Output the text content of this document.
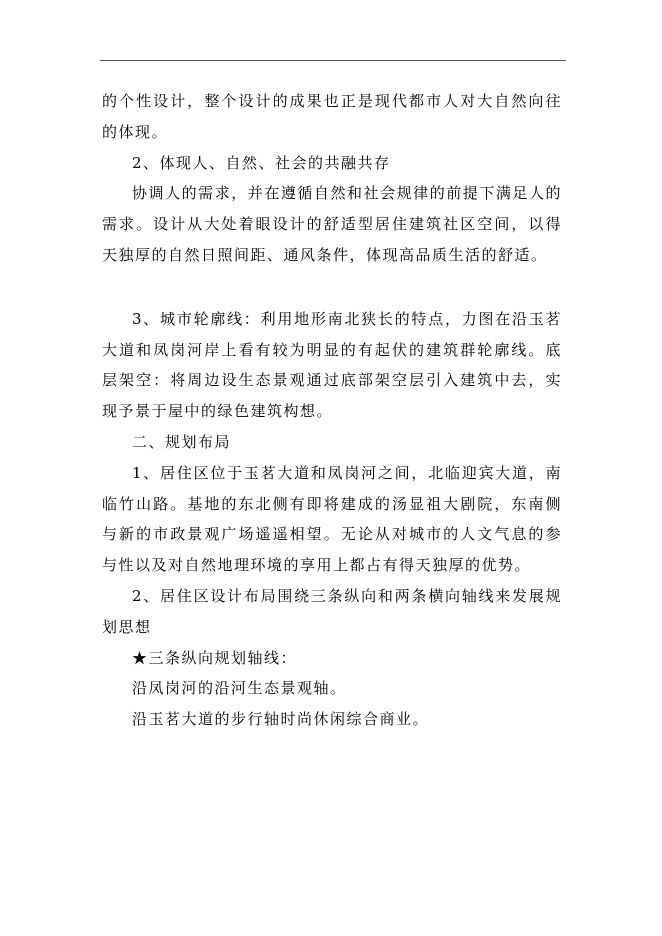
的个性设计，整个设计的成果也正是现代都市人对大自然向往的体现。

2、体现人、自然、社会的共融共存

协调人的需求，并在遵循自然和社会规律的前提下满足人的需求。设计从大处着眼设计的舒适型居住建筑社区空间，以得天独厚的自然日照间距、通风条件，体现高品质生活的舒适。

3、城市轮廓线：利用地形南北狭长的特点，力图在沿玉茗大道和凤岗河岸上看有较为明显的有起伏的建筑群轮廓线。底层架空：将周边设生态景观通过底部架空层引入建筑中去，实现予景于屋中的绿色建筑构想。

二、规划布局

1、居住区位于玉茗大道和凤岗河之间，北临迎宾大道，南临竹山路。基地的东北侧有即将建成的汤显祖大剧院，东南侧与新的市政景观广场遥遥相望。无论从对城市的人文气息的参与性以及对自然地理环境的享用上都占有得天独厚的优势。

2、居住区设计布局围绕三条纵向和两条横向轴线来发展规划思想

★三条纵向规划轴线：

沿凤岗河的沿河生态景观轴。

沿玉茗大道的步行轴时尚休闲综合商业。
